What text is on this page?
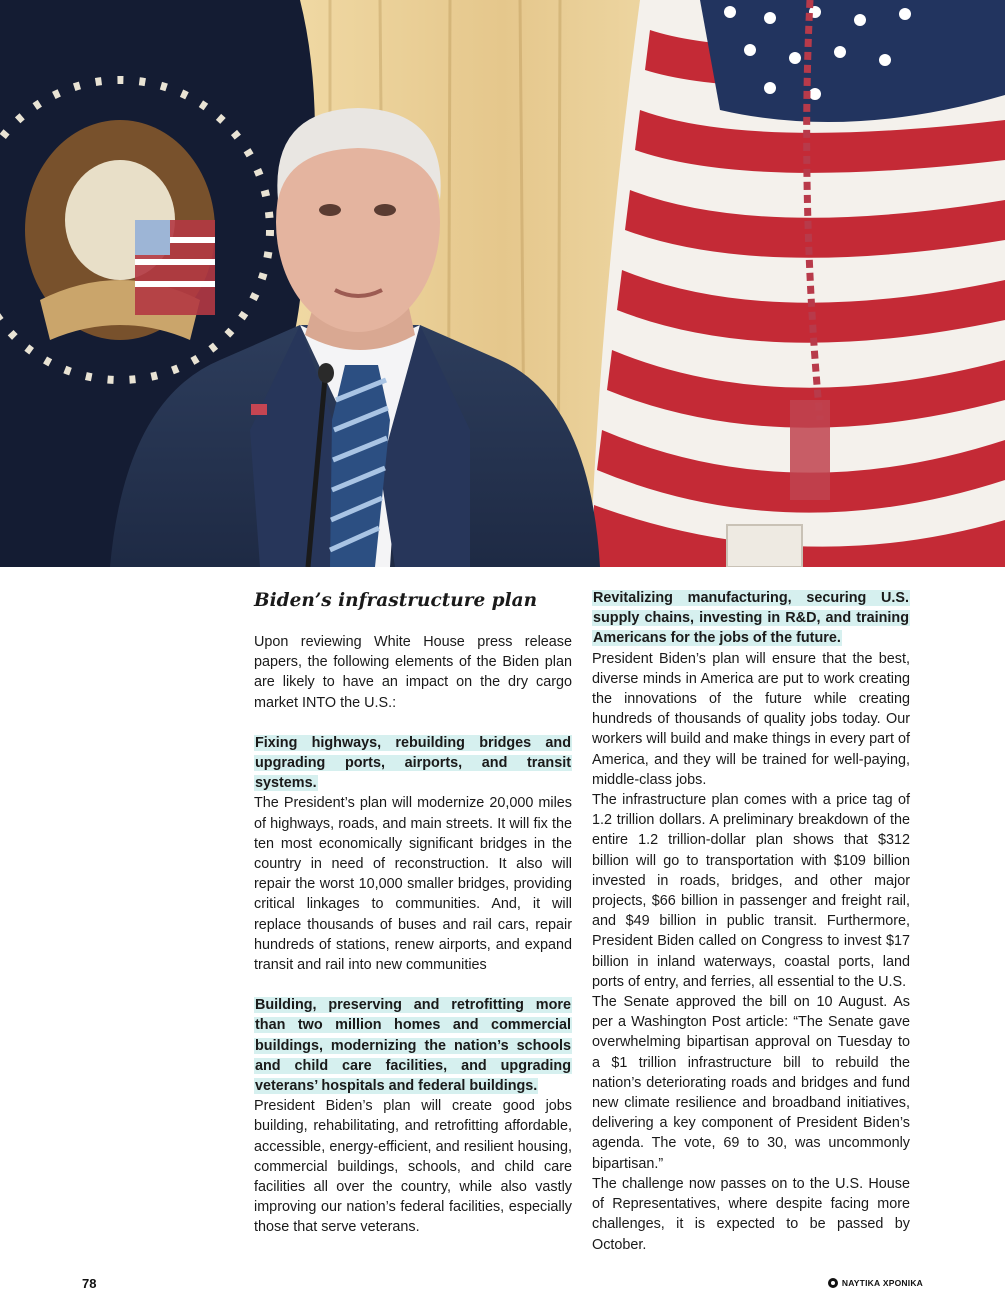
Biden’s infrastructure plan

Upon reviewing White House press release papers, the following elements of the Biden plan are likely to have an impact on the dry cargo market INTO the U.S.:

Fixing highways, rebuilding bridges and upgrading ports, airports, and transit systems.

The President’s plan will modernize 20,000 miles of highways, roads, and main streets. It will fix the ten most economically significant bridges in the country in need of reconstruction. It also will repair the worst 10,000 smaller bridges, providing critical linkages to communities. And, it will replace thousands of buses and rail cars, repair hundreds of stations, renew airports, and expand transit and rail into new communities

Building, preserving and retrofitting more than two million homes and commercial buildings, modernizing the nation’s schools and child care facilities, and upgrading veterans’ hospitals and federal buildings.

President Biden’s plan will create good jobs building, rehabilitating, and retrofitting affordable, accessible, energy-efficient, and resilient housing, commercial buildings, schools, and child care facilities all over the country, while also vastly improving our nation’s federal facilities, especially those that serve veterans.

Revitalizing manufacturing, securing U.S. supply chains, investing in R&D, and training Americans for the jobs of the future.

President Biden’s plan will ensure that the best, diverse minds in America are put to work creating the innovations of the future while creating hundreds of thousands of quality jobs today. Our workers will build and make things in every part of America, and they will be trained for well-paying, middle-class jobs.

The infrastructure plan comes with a price tag of 1.2 trillion dollars. A preliminary breakdown of the entire 1.2 trillion-dollar plan shows that $312 billion will go to transportation with $109 billion invested in roads, bridges, and other major projects, $66 billion in passenger and freight rail, and $49 billion in public transit. Furthermore, President Biden called on Congress to invest $17 billion in inland waterways, coastal ports, land ports of entry, and ferries, all essential to the U.S.

The Senate approved the bill on 10 August. As per a Washington Post article: “The Senate gave overwhelming bipartisan approval on Tuesday to a $1 trillion infrastructure bill to rebuild the nation’s deteriorating roads and bridges and fund new climate resilience and broadband initiatives, delivering a key component of President Biden’s agenda. The vote, 69 to 30, was uncommonly bipartisan.”

The challenge now passes on to the U.S. House of Representatives, where despite facing more challenges, it is expected to be passed by October.

78	ΝΑΥΤΙΚΑ ΧΡΟΝΙΚΑ
